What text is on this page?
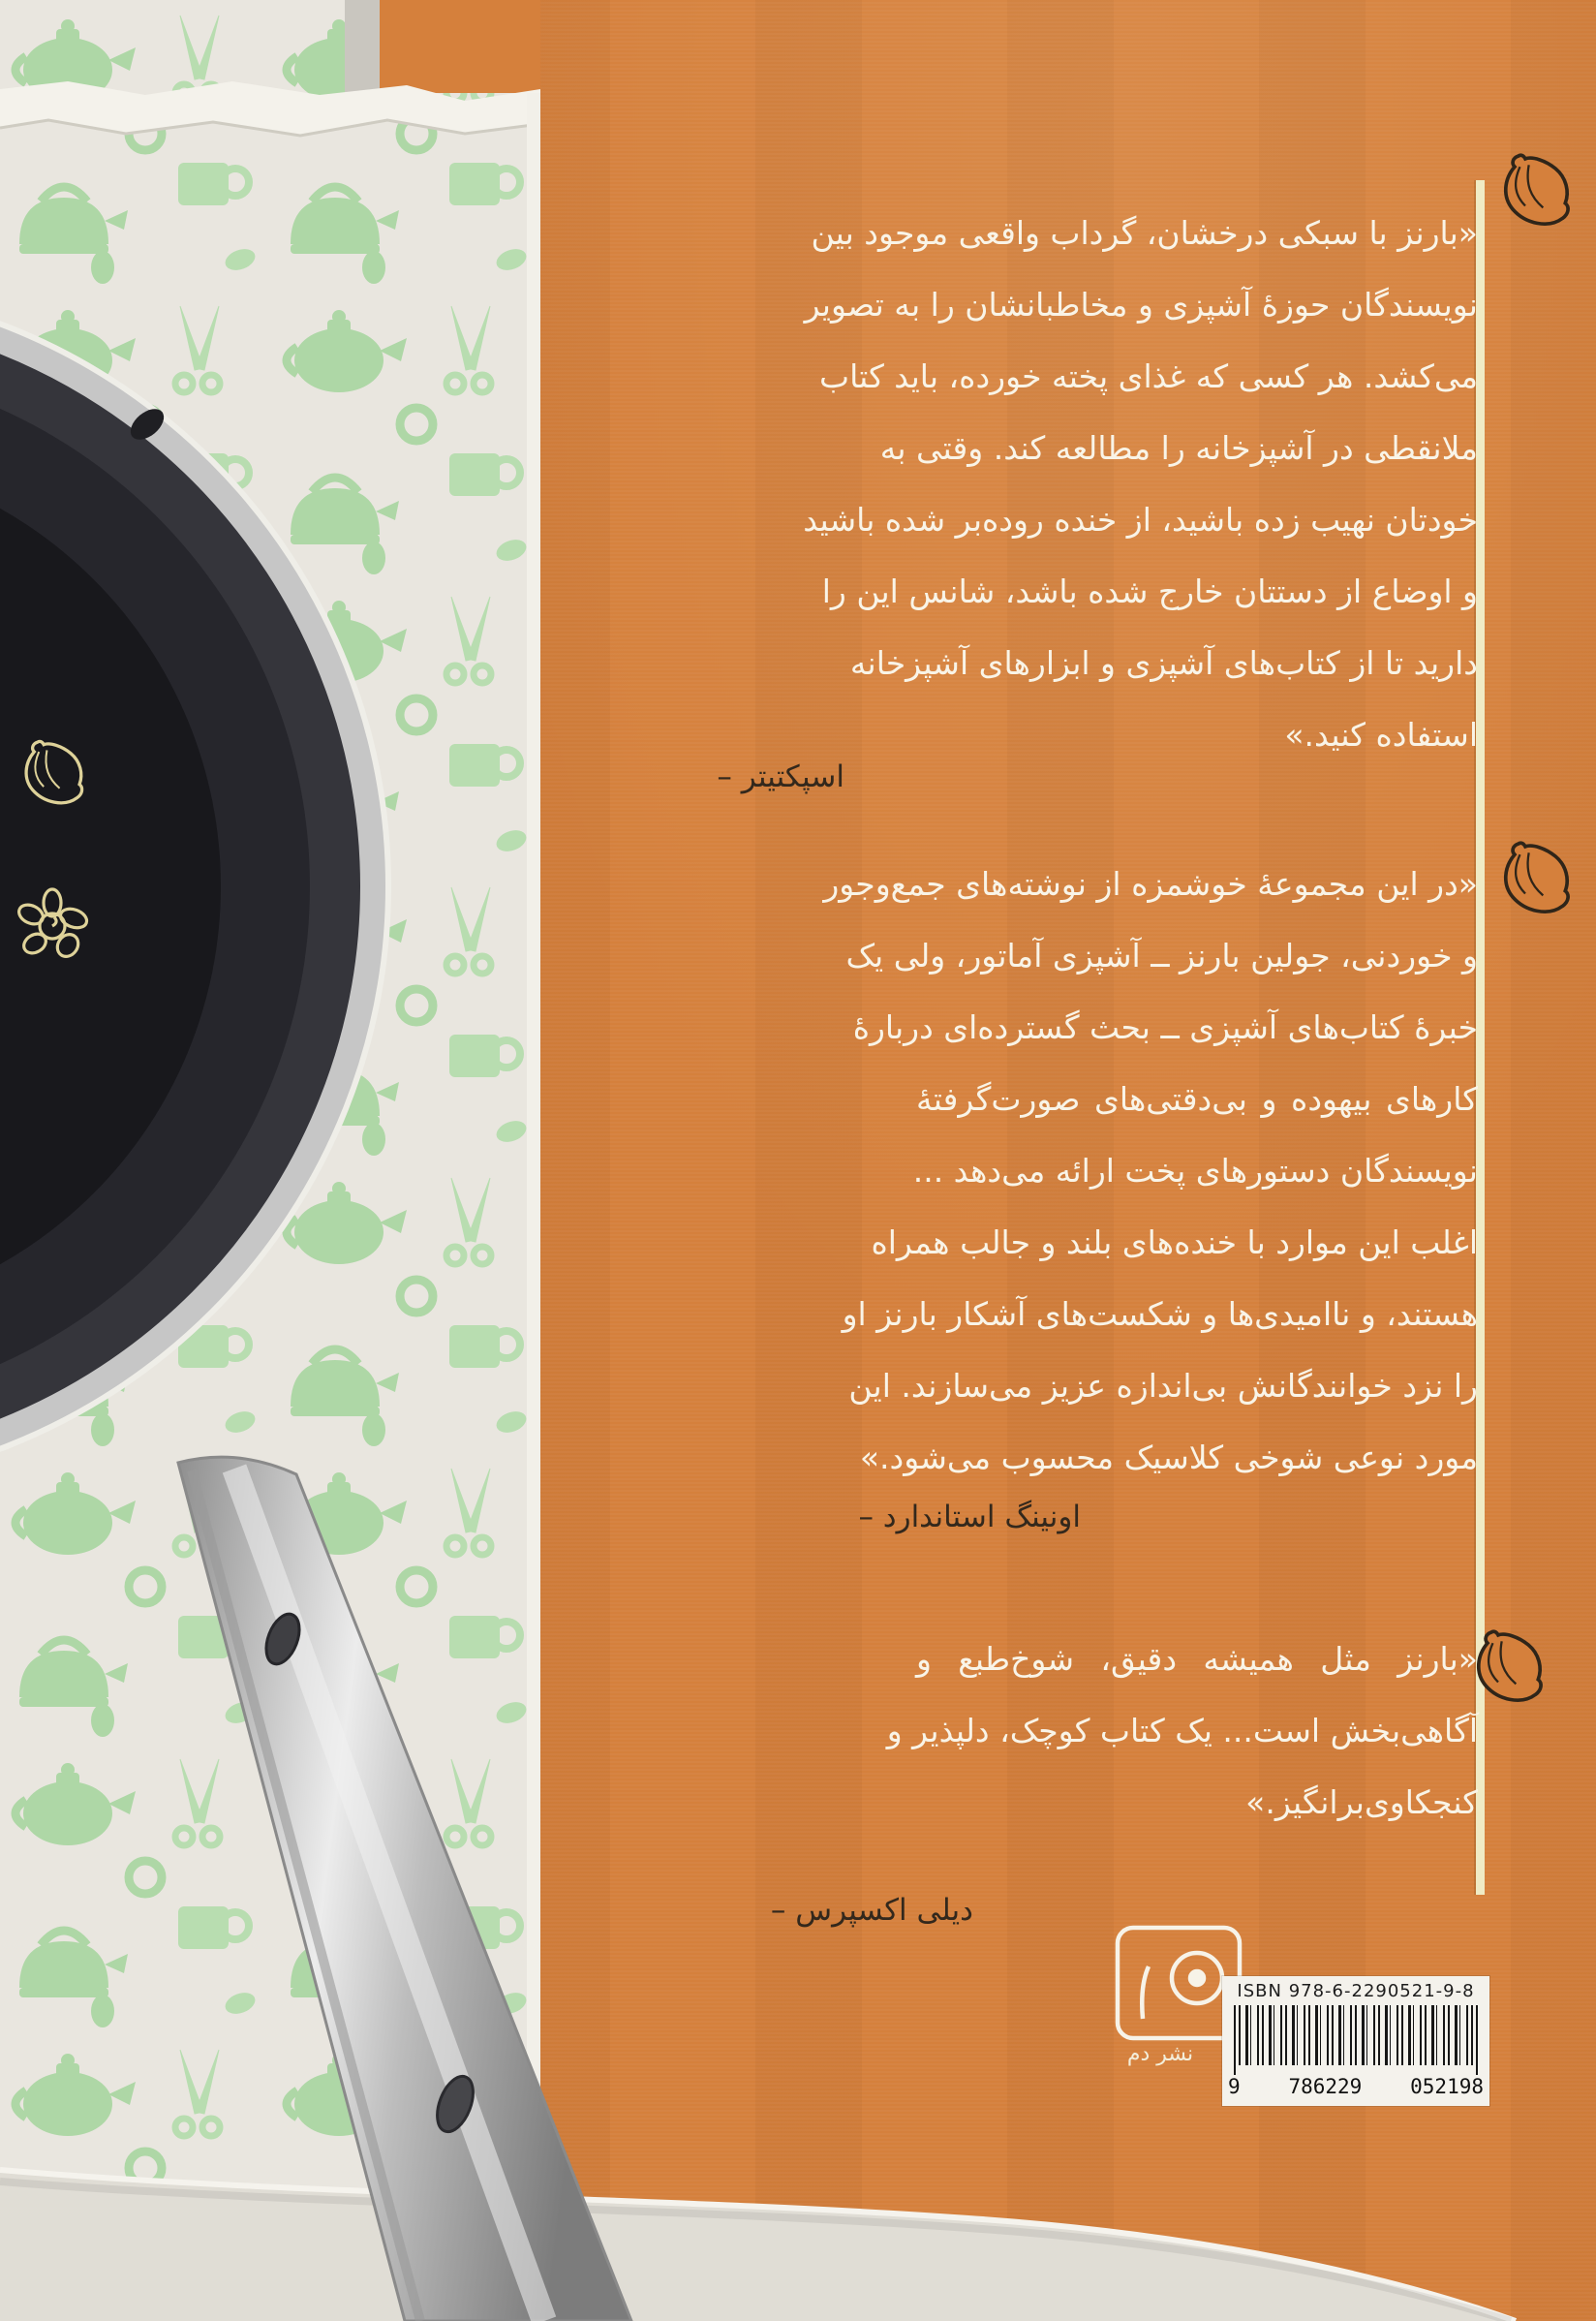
«بارنز با سبکی درخشان، گرداب واقعی موجود بین
نویسندگان حوزهٔ آشپزی و مخاطبانشان را به تصویر
می‌کشد. هر کسی که غذای پخته خورده، باید کتاب
ملانقطی در آشپزخانه را مطالعه کند. وقتی به
خودتان نهیب زده باشید، از خنده روده‌بر شده باشید
و اوضاع از دستتان خارج شده باشد، شانس این را
دارید تا از کتاب‌های آشپزی و ابزارهای آشپزخانه
استفاده کنید.»
اسپکتیتر –
«در این مجموعهٔ خوشمزه از نوشته‌های جمع‌وجور
و خوردنی، جولین بارنز ــ آشپزی آماتور، ولی یک
خبرهٔ کتاب‌های آشپزی ــ بحث گسترده‌ای دربارهٔ
کارهای بیهوده و بی‌دقتی‌های صورت‌گرفتهٔ
نویسندگان دستورهای پخت ارائه می‌دهد ...
اغلب این موارد با خنده‌های بلند و جالب همراه
هستند، و ناامیدی‌ها و شکست‌های آشکار بارنز او
را نزد خوانندگانش بی‌اندازه عزیز می‌سازند. این
مورد نوعی شوخی کلاسیک محسوب می‌شود.»
اونینگ استاندارد –
«بارنز مثل همیشه دقیق، شوخ‌طبع و
آگاهی‌بخش است... یک کتاب کوچک، دلپذیر و
کنجکاوی‌برانگیز.»
دیلی اکسپرس –
نشر دم
ISBN 978-6-2290521-9-8
9 786229 052198
